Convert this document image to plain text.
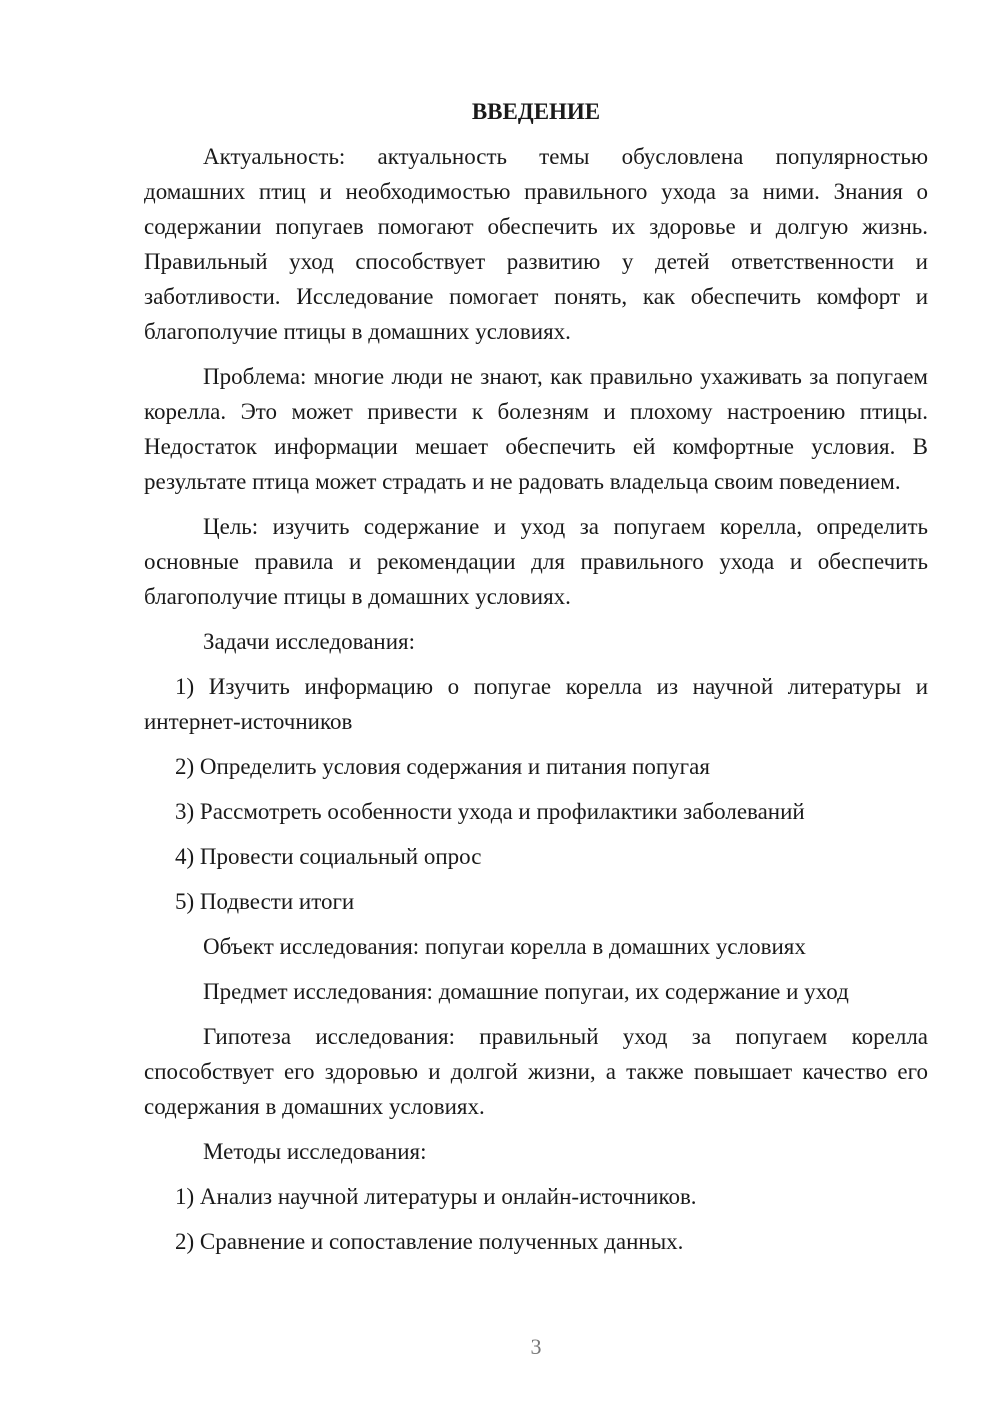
ВВЕДЕНИЕ

Актуальность: актуальность темы обусловлена популярностью домашних птиц и необходимостью правильного ухода за ними. Знания о содержании попугаев помогают обеспечить их здоровье и долгую жизнь. Правильный уход способствует развитию у детей ответственности и заботливости. Исследование помогает понять, как обеспечить комфорт и благополучие птицы в домашних условиях.

Проблема: многие люди не знают, как правильно ухаживать за попугаем корелла. Это может привести к болезням и плохому настроению птицы. Недостаток информации мешает обеспечить ей комфортные условия. В результате птица может страдать и не радовать владельца своим поведением.

Цель: изучить содержание и уход за попугаем корелла, определить основные правила и рекомендации для правильного ухода и обеспечить благополучие птицы в домашних условиях.

Задачи исследования:

1) Изучить информацию о попугае корелла из научной литературы и интернет-источников

2) Определить условия содержания и питания попугая

3) Рассмотреть особенности ухода и профилактики заболеваний

4) Провести социальный опрос

5) Подвести итоги

Объект исследования: попугаи корелла в домашних условиях

Предмет исследования: домашние попугаи, их содержание и уход

Гипотеза исследования: правильный уход за попугаем корелла способствует его здоровью и долгой жизни, а также повышает качество его содержания в домашних условиях.

Методы исследования:

1) Анализ научной литературы и онлайн-источников.

2) Сравнение и сопоставление полученных данных.

3
